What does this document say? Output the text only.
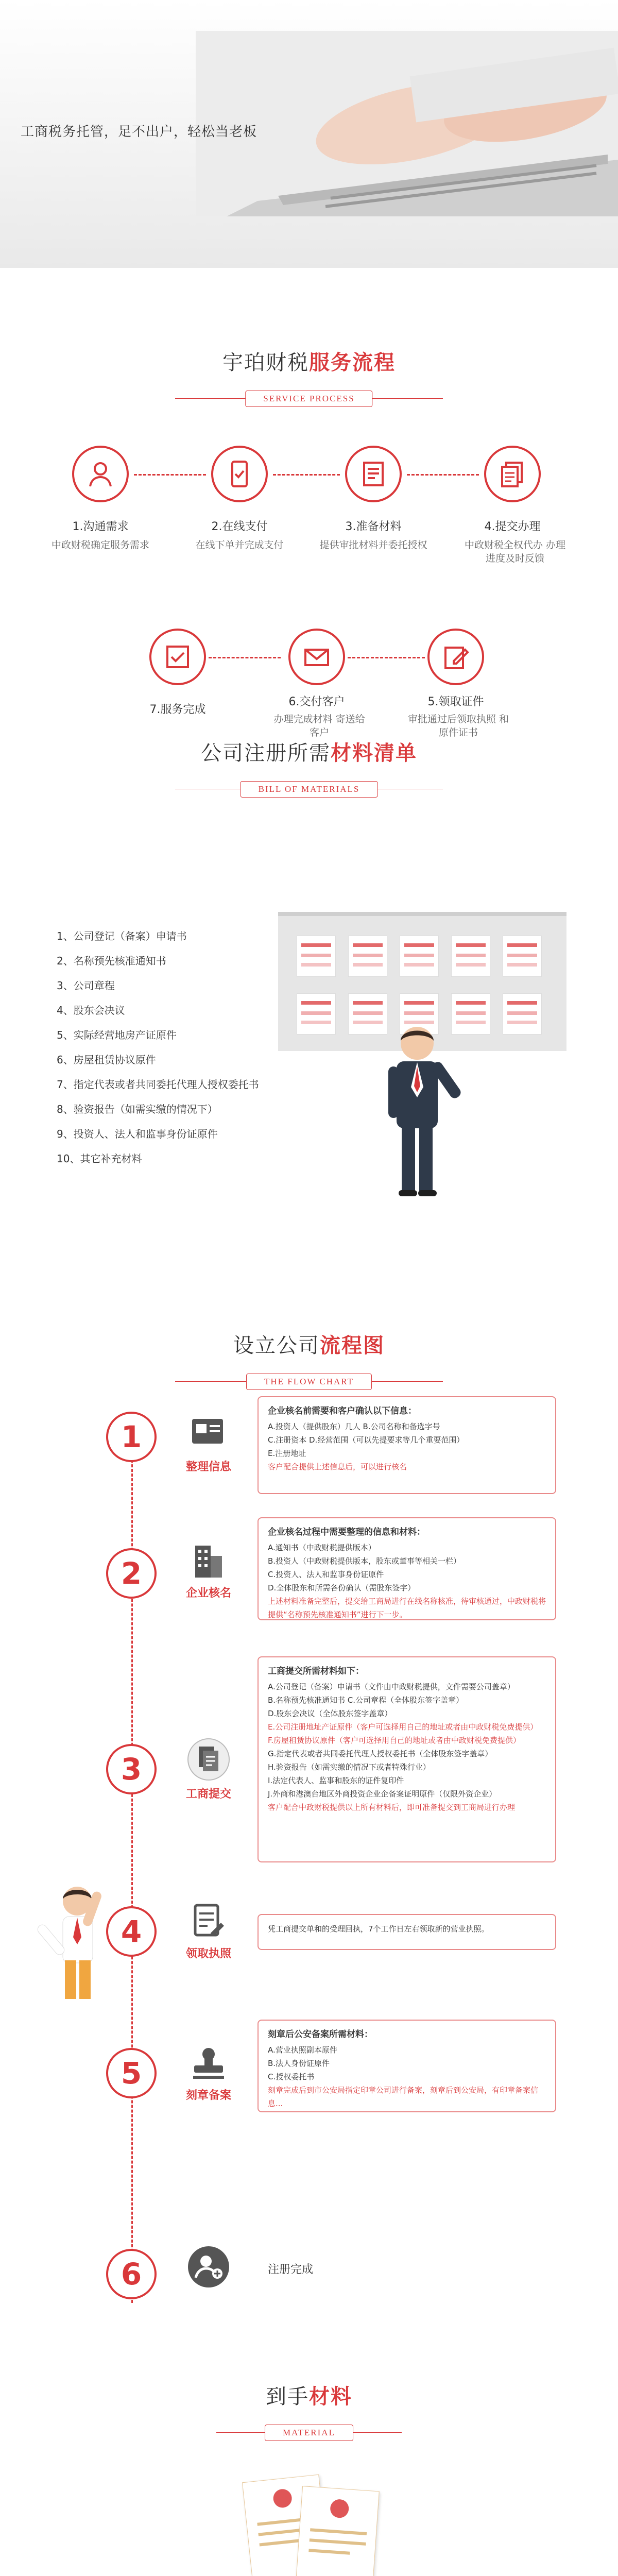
工商税务托管，足不出户，轻松当老板
宇珀财税服务流程
SERVICE PROCESS
1.沟通需求
中政财税确定服务需求
2.在线支付
在线下单并完成支付
3.准备材料
提供审批材料并委托授权
4.提交办理
中政财税全权代办 办理进度及时反馈
7.服务完成
6.交付客户
办理完成材料 寄送给客户
5.领取证件
审批通过后领取执照 和原件证书
公司注册所需材料清单
BILL OF MATERIALS
1、公司登记（备案）申请书
2、名称预先核准通知书
3、公司章程
4、股东会决议
5、实际经营地房产证原件
6、房屋租赁协议原件
7、指定代表或者共同委托代理人授权委托书
8、验资报告（如需实缴的情况下）
9、投资人、法人和监事身份证原件
10、其它补充材料
设立公司流程图
THE FLOW CHART
1
整理信息
企业核名前需要和客户确认以下信息：
A.投资人（提供股东）几人 B.公司名称和备选字号
C.注册资本 D.经营范围（可以先提要求等几个重要范围）
E.注册地址
客户配合提供上述信息后，可以进行核名
2
企业核名
企业核名过程中需要整理的信息和材料：
A.通知书（中政财税提供版本）
B.投资人（中政财税提供版本，股东或董事等相关一栏）
C.投资人、法人和监事身份证原件
D.全体股东和所需各份确认（需股东签字）
上述材料准备完整后，提交给工商局进行在线名称核准，待审核通过，中政财税将提供“名称预先核准通知书”进行下一步。
3
工商提交
工商提交所需材料如下：
A.公司登记（备案）申请书（文件由中政财税提供，文件需要公司盖章）
B.名称预先核准通知书 C.公司章程（全体股东签字盖章）
D.股东会决议（全体股东签字盖章）
E.公司注册地址产证原件（客户可选择用自己的地址或者由中政财税免费提供）
F.房屋租赁协议原件（客户可选择用自己的地址或者由中政财税免费提供）
G.指定代表或者共同委托代理人授权委托书（全体股东签字盖章）
H.验资报告（如需实缴的情况下或者特殊行业）
I.法定代表人、监事和股东的证件复印件
J.外商和港澳台地区外商投资企业企备案证明原件（仅限外资企业）
客户配合中政财税提供以上所有材料后，即可准备提交到工商局进行办理
4
领取执照
凭工商提交单和的受理回执，7个工作日左右领取新的营业执照。
5
刻章备案
刻章后公安备案所需材料：
A.营业执照副本原件
B.法人身份证原件
C.授权委托书
刻章完成后到市公安局指定印章公司进行备案，刻章后到公安局，有印章备案信息...
6	注册完成
到手材料
MATERIAL
